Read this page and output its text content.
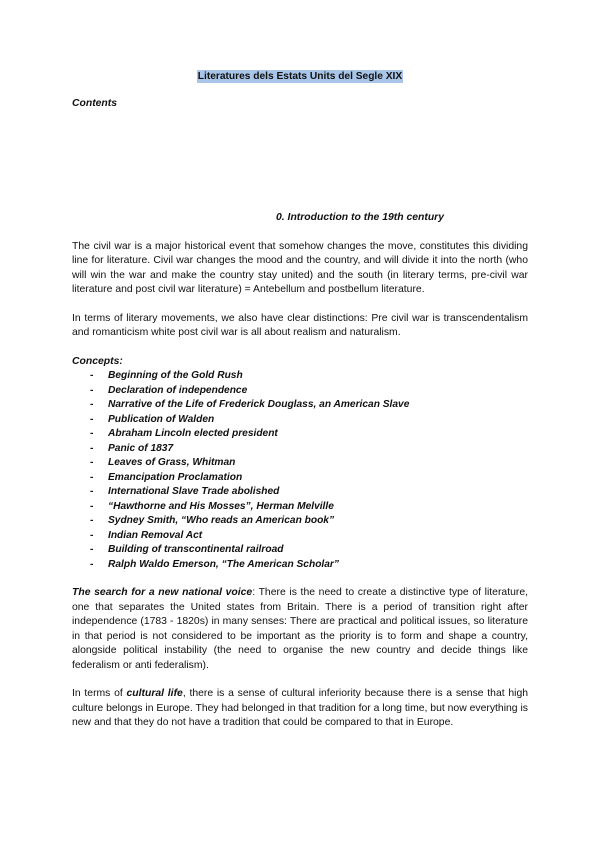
Literatures dels Estats Units del Segle XIX
Contents
0. Introduction to the 19th century

The civil war is a major historical event that somehow changes the move, constitutes this dividing line for literature. Civil war changes the mood and the country, and will divide it into the north (who will win the war and make the country stay united) and the south (in literary terms, pre-civil war literature and post civil war literature) = Antebellum and postbellum literature.

In terms of literary movements, we also have clear distinctions: Pre civil war is transcendentalism and romanticism white post civil war is all about realism and naturalism.

Concepts:
- Beginning of the Gold Rush
- Declaration of independence
- Narrative of the Life of Frederick Douglass, an American Slave
- Publication of Walden
- Abraham Lincoln elected president
- Panic of 1837
- Leaves of Grass, Whitman
- Emancipation Proclamation
- International Slave Trade abolished
- “Hawthorne and His Mosses”, Herman Melville
- Sydney Smith, “Who reads an American book”
- Indian Removal Act
- Building of transcontinental railroad
- Ralph Waldo Emerson, “The American Scholar”

The search for a new national voice: There is the need to create a distinctive type of literature, one that separates the United states from Britain. There is a period of transition right after independence (1783 - 1820s) in many senses: There are practical and political issues, so literature in that period is not considered to be important as the priority is to form and shape a country, alongside political instability (the need to organise the new country and decide things like federalism or anti federalism).

In terms of cultural life, there is a sense of cultural inferiority because there is a sense that high culture belongs in Europe. They had belonged in that tradition for a long time, but now everything is new and that they do not have a tradition that could be compared to that in Europe.
